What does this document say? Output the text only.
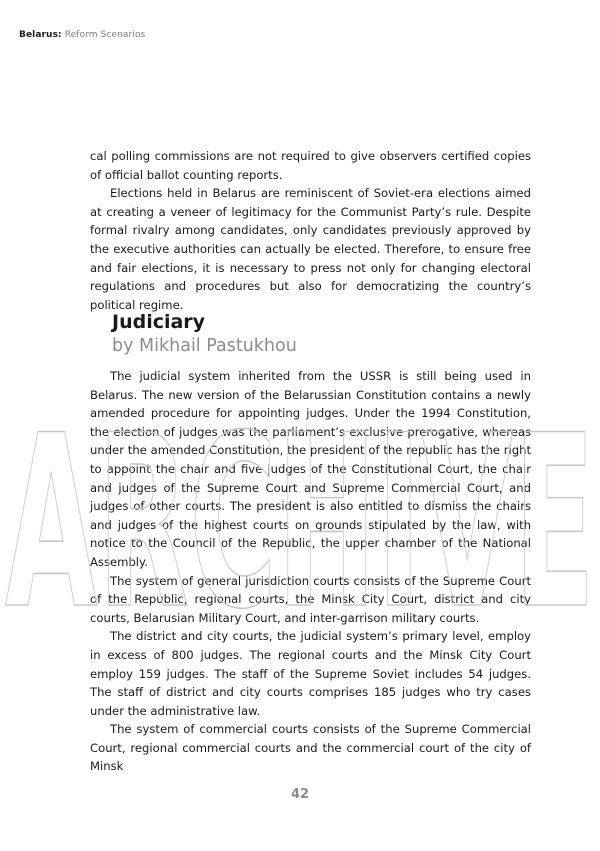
Belarus: Reform Scenarios

cal polling commissions are not required to give observers certified copies of official ballot counting reports.

Elections held in Belarus are reminiscent of Soviet-era elections aimed at creating a veneer of legitimacy for the Communist Party’s rule. Despite formal rivalry among candidates, only candidates previously approved by the executive authorities can actually be elected. Therefore, to ensure free and fair elections, it is necessary to press not only for changing electoral regulations and procedures but also for democratizing the country’s political regime.

Judiciary
by Mikhail Pastukhou

The judicial system inherited from the USSR is still being used in Belarus. The new version of the Belarussian Constitution contains a newly amended procedure for appointing judges. Under the 1994 Constitution, the election of judges was the parliament’s exclusive prerogative, whereas under the amended Constitution, the president of the republic has the right to appoint the chair and five judges of the Constitutional Court, the chair and judges of the Supreme Court and Supreme Commercial Court, and judges of other courts. The president is also entitled to dismiss the chairs and judges of the highest courts on grounds stipulated by the law, with notice to the Council of the Republic, the upper chamber of the National Assembly.

The system of general jurisdiction courts consists of the Supreme Court of the Republic, regional courts, the Minsk City Court, district and city courts, Belarusian Military Court, and inter-garrison military courts.

The district and city courts, the judicial system’s primary level, employ in excess of 800 judges. The regional courts and the Minsk City Court employ 159 judges. The staff of the Supreme Soviet includes 54 judges. The staff of district and city courts comprises 185 judges who try cases under the administrative law.

The system of commercial courts consists of the Supreme Commercial Court, regional commercial courts and the commercial court of the city of Minsk

ARCHIVE
42
